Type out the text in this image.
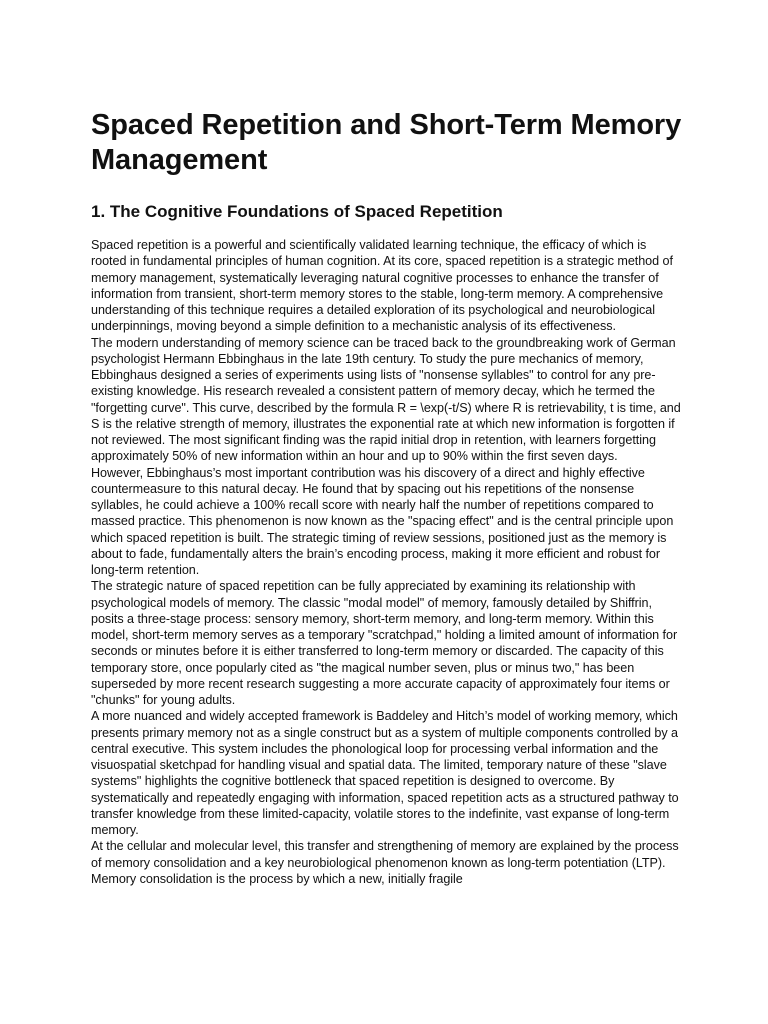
Spaced Repetition and Short-Term Memory Management
1. The Cognitive Foundations of Spaced Repetition

Spaced repetition is a powerful and scientifically validated learning technique, the efficacy of which is rooted in fundamental principles of human cognition. At its core, spaced repetition is a strategic method of memory management, systematically leveraging natural cognitive processes to enhance the transfer of information from transient, short-term memory stores to the stable, long-term memory. A comprehensive understanding of this technique requires a detailed exploration of its psychological and neurobiological underpinnings, moving beyond a simple definition to a mechanistic analysis of its effectiveness.

The modern understanding of memory science can be traced back to the groundbreaking work of German psychologist Hermann Ebbinghaus in the late 19th century. To study the pure mechanics of memory, Ebbinghaus designed a series of experiments using lists of "nonsense syllables" to control for any pre-existing knowledge. His research revealed a consistent pattern of memory decay, which he termed the "forgetting curve". This curve, described by the formula R = \exp(-t/S) where R is retrievability, t is time, and S is the relative strength of memory, illustrates the exponential rate at which new information is forgotten if not reviewed. The most significant finding was the rapid initial drop in retention, with learners forgetting approximately 50% of new information within an hour and up to 90% within the first seven days.

However, Ebbinghaus’s most important contribution was his discovery of a direct and highly effective countermeasure to this natural decay. He found that by spacing out his repetitions of the nonsense syllables, he could achieve a 100% recall score with nearly half the number of repetitions compared to massed practice. This phenomenon is now known as the "spacing effect" and is the central principle upon which spaced repetition is built. The strategic timing of review sessions, positioned just as the memory is about to fade, fundamentally alters the brain’s encoding process, making it more efficient and robust for long-term retention.

The strategic nature of spaced repetition can be fully appreciated by examining its relationship with psychological models of memory. The classic "modal model" of memory, famously detailed by Shiffrin, posits a three-stage process: sensory memory, short-term memory, and long-term memory. Within this model, short-term memory serves as a temporary "scratchpad," holding a limited amount of information for seconds or minutes before it is either transferred to long-term memory or discarded. The capacity of this temporary store, once popularly cited as "the magical number seven, plus or minus two," has been superseded by more recent research suggesting a more accurate capacity of approximately four items or "chunks" for young adults.

A more nuanced and widely accepted framework is Baddeley and Hitch’s model of working memory, which presents primary memory not as a single construct but as a system of multiple components controlled by a central executive. This system includes the phonological loop for processing verbal information and the visuospatial sketchpad for handling visual and spatial data. The limited, temporary nature of these "slave systems" highlights the cognitive bottleneck that spaced repetition is designed to overcome. By systematically and repeatedly engaging with information, spaced repetition acts as a structured pathway to transfer knowledge from these limited-capacity, volatile stores to the indefinite, vast expanse of long-term memory.

At the cellular and molecular level, this transfer and strengthening of memory are explained by the process of memory consolidation and a key neurobiological phenomenon known as long-term potentiation (LTP). Memory consolidation is the process by which a new, initially fragile
